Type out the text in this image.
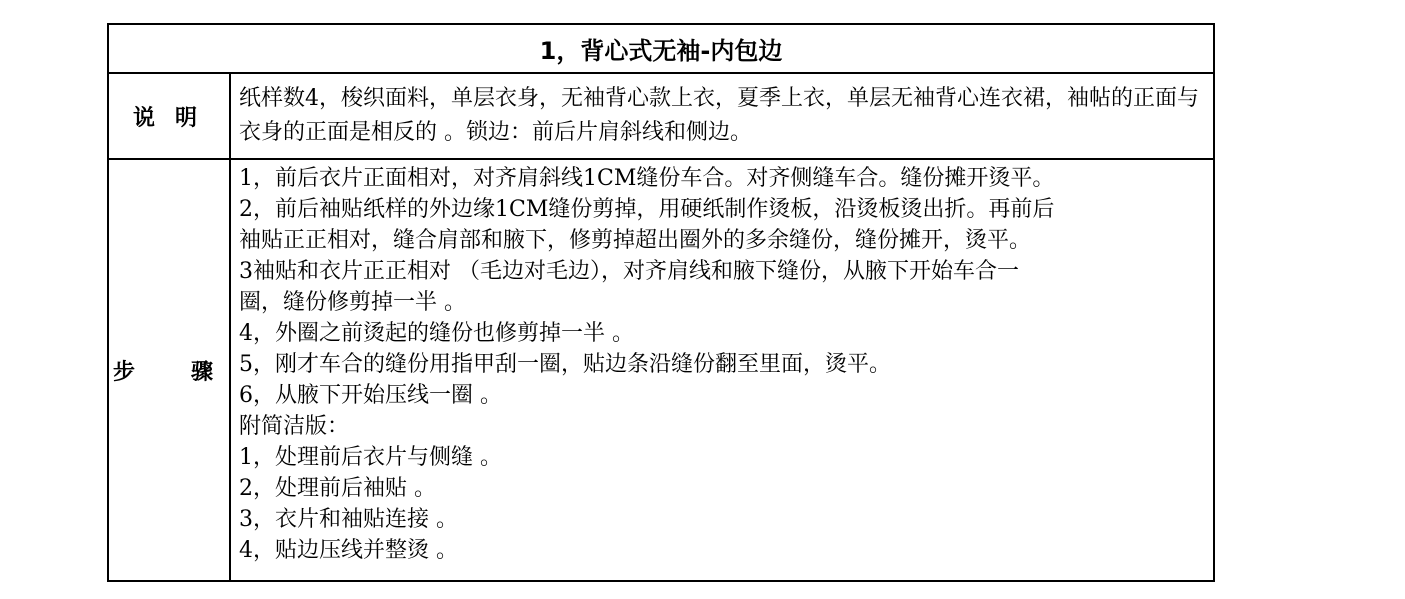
1，背心式无袖-内包边
说明
纸样数4，梭织面料，单层衣身，无袖背心款上衣，夏季上衣，单层无袖背心连衣裙，袖帖的正面与衣身的正面是相反的 。锁边：前后片肩斜线和侧边。
步	骤
1，前后衣片正面相对，对齐肩斜线1CM缝份车合。对齐侧缝车合。缝份摊开烫平。
2，前后袖贴纸样的外边缘1CM缝份剪掉，用硬纸制作烫板，沿烫板烫出折。再前后
袖贴正正相对，缝合肩部和腋下，修剪掉超出圈外的多余缝份，缝份摊开，烫平。
3袖贴和衣片正正相对 （毛边对毛边），对齐肩线和腋下缝份，从腋下开始车合一
圈，缝份修剪掉一半 。
4，外圈之前烫起的缝份也修剪掉一半 。
5，刚才车合的缝份用指甲刮一圈，贴边条沿缝份翻至里面，烫平。
6，从腋下开始压线一圈 。
附简洁版：
1，处理前后衣片与侧缝 。
2，处理前后袖贴 。
3，衣片和袖贴连接 。
4，贴边压线并整烫 。
